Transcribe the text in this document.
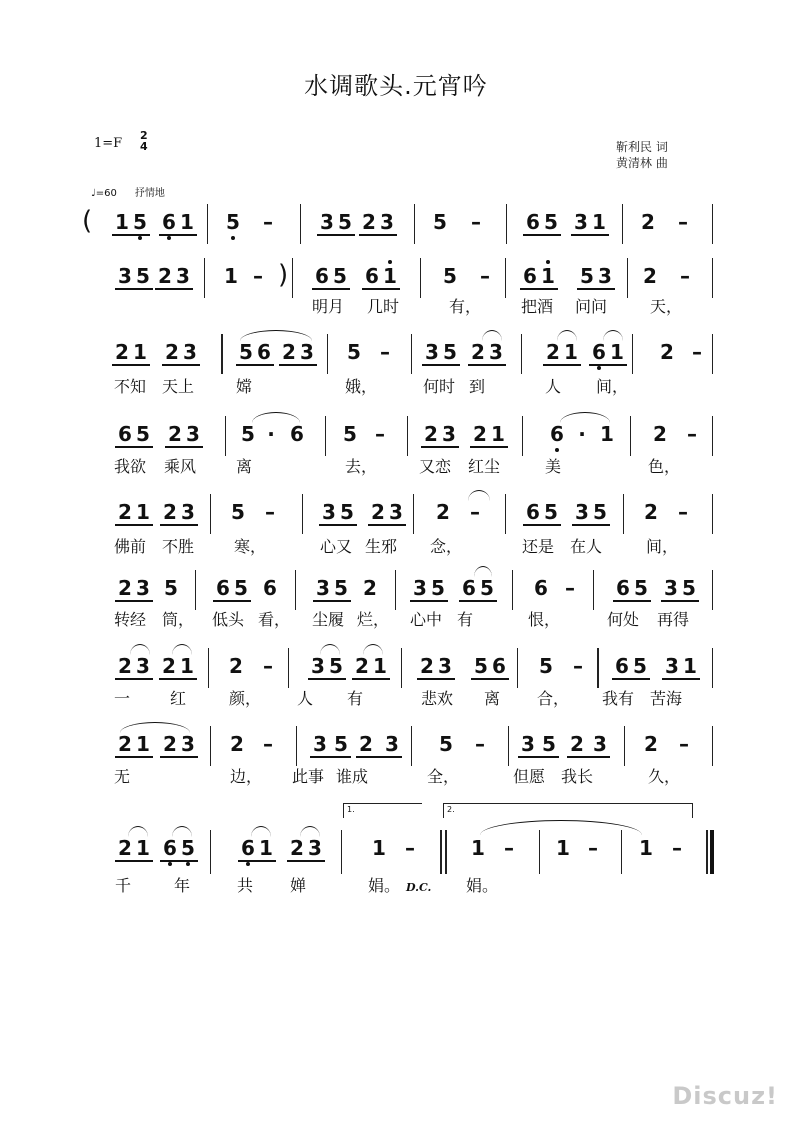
水调歌头.元宵吟
1=F
2
4	靳利民 词
黄清林 曲
♩=60 抒情地
( 1 5 6 1 5 – 3 5 2 3 5 – 6 5 3 1 2 –
3 5 2 3 1 –	6 5 6 1 5 – 6 1 5 3 2 –
)
明月 几时	有， 把酒 问问	天，
2 1 2 3 5 6 2 3 5 – 3 5 2 3 2 1 6 1 2 –
不知 天上	嫦	娥，	何时 到	人 间，
6 5 2 3 5 · 6 5 – 2 3 2 1 6 · 1 2 –
我欲 乘风 离	去，	又恋 红尘	美	色，
2 1 2 3 5 – 3 5 2 3 2 – 6 5 3 5 2 –
佛前 不胜 寒，	心又 生邪 念，	还是 在人	间，
2 3 5 6 5 6 3 5 2 3 5 6 5 6 – 6 5 3 5
转经 筒， 低头 看， 尘履 烂， 心中 有	恨，	何处 再得
2 3 2 1 2 – 3 5 2 1 2 3 5 6 5 – 6 5 3 1
一 红	颜， 人 有	悲欢 离 合， 我有 苦海
2 1 2 3 2 – 3 5 2 3 5 – 3 5 2 3 2 –
无	边， 此事 谁成	全，	但愿 我长	久，
2 1 6 5 6 1 2 3	1 –	1 – 1 – 1 –
1.	2.
千	年	共 婵	娟。	娟。
D.C.
Discuz!
